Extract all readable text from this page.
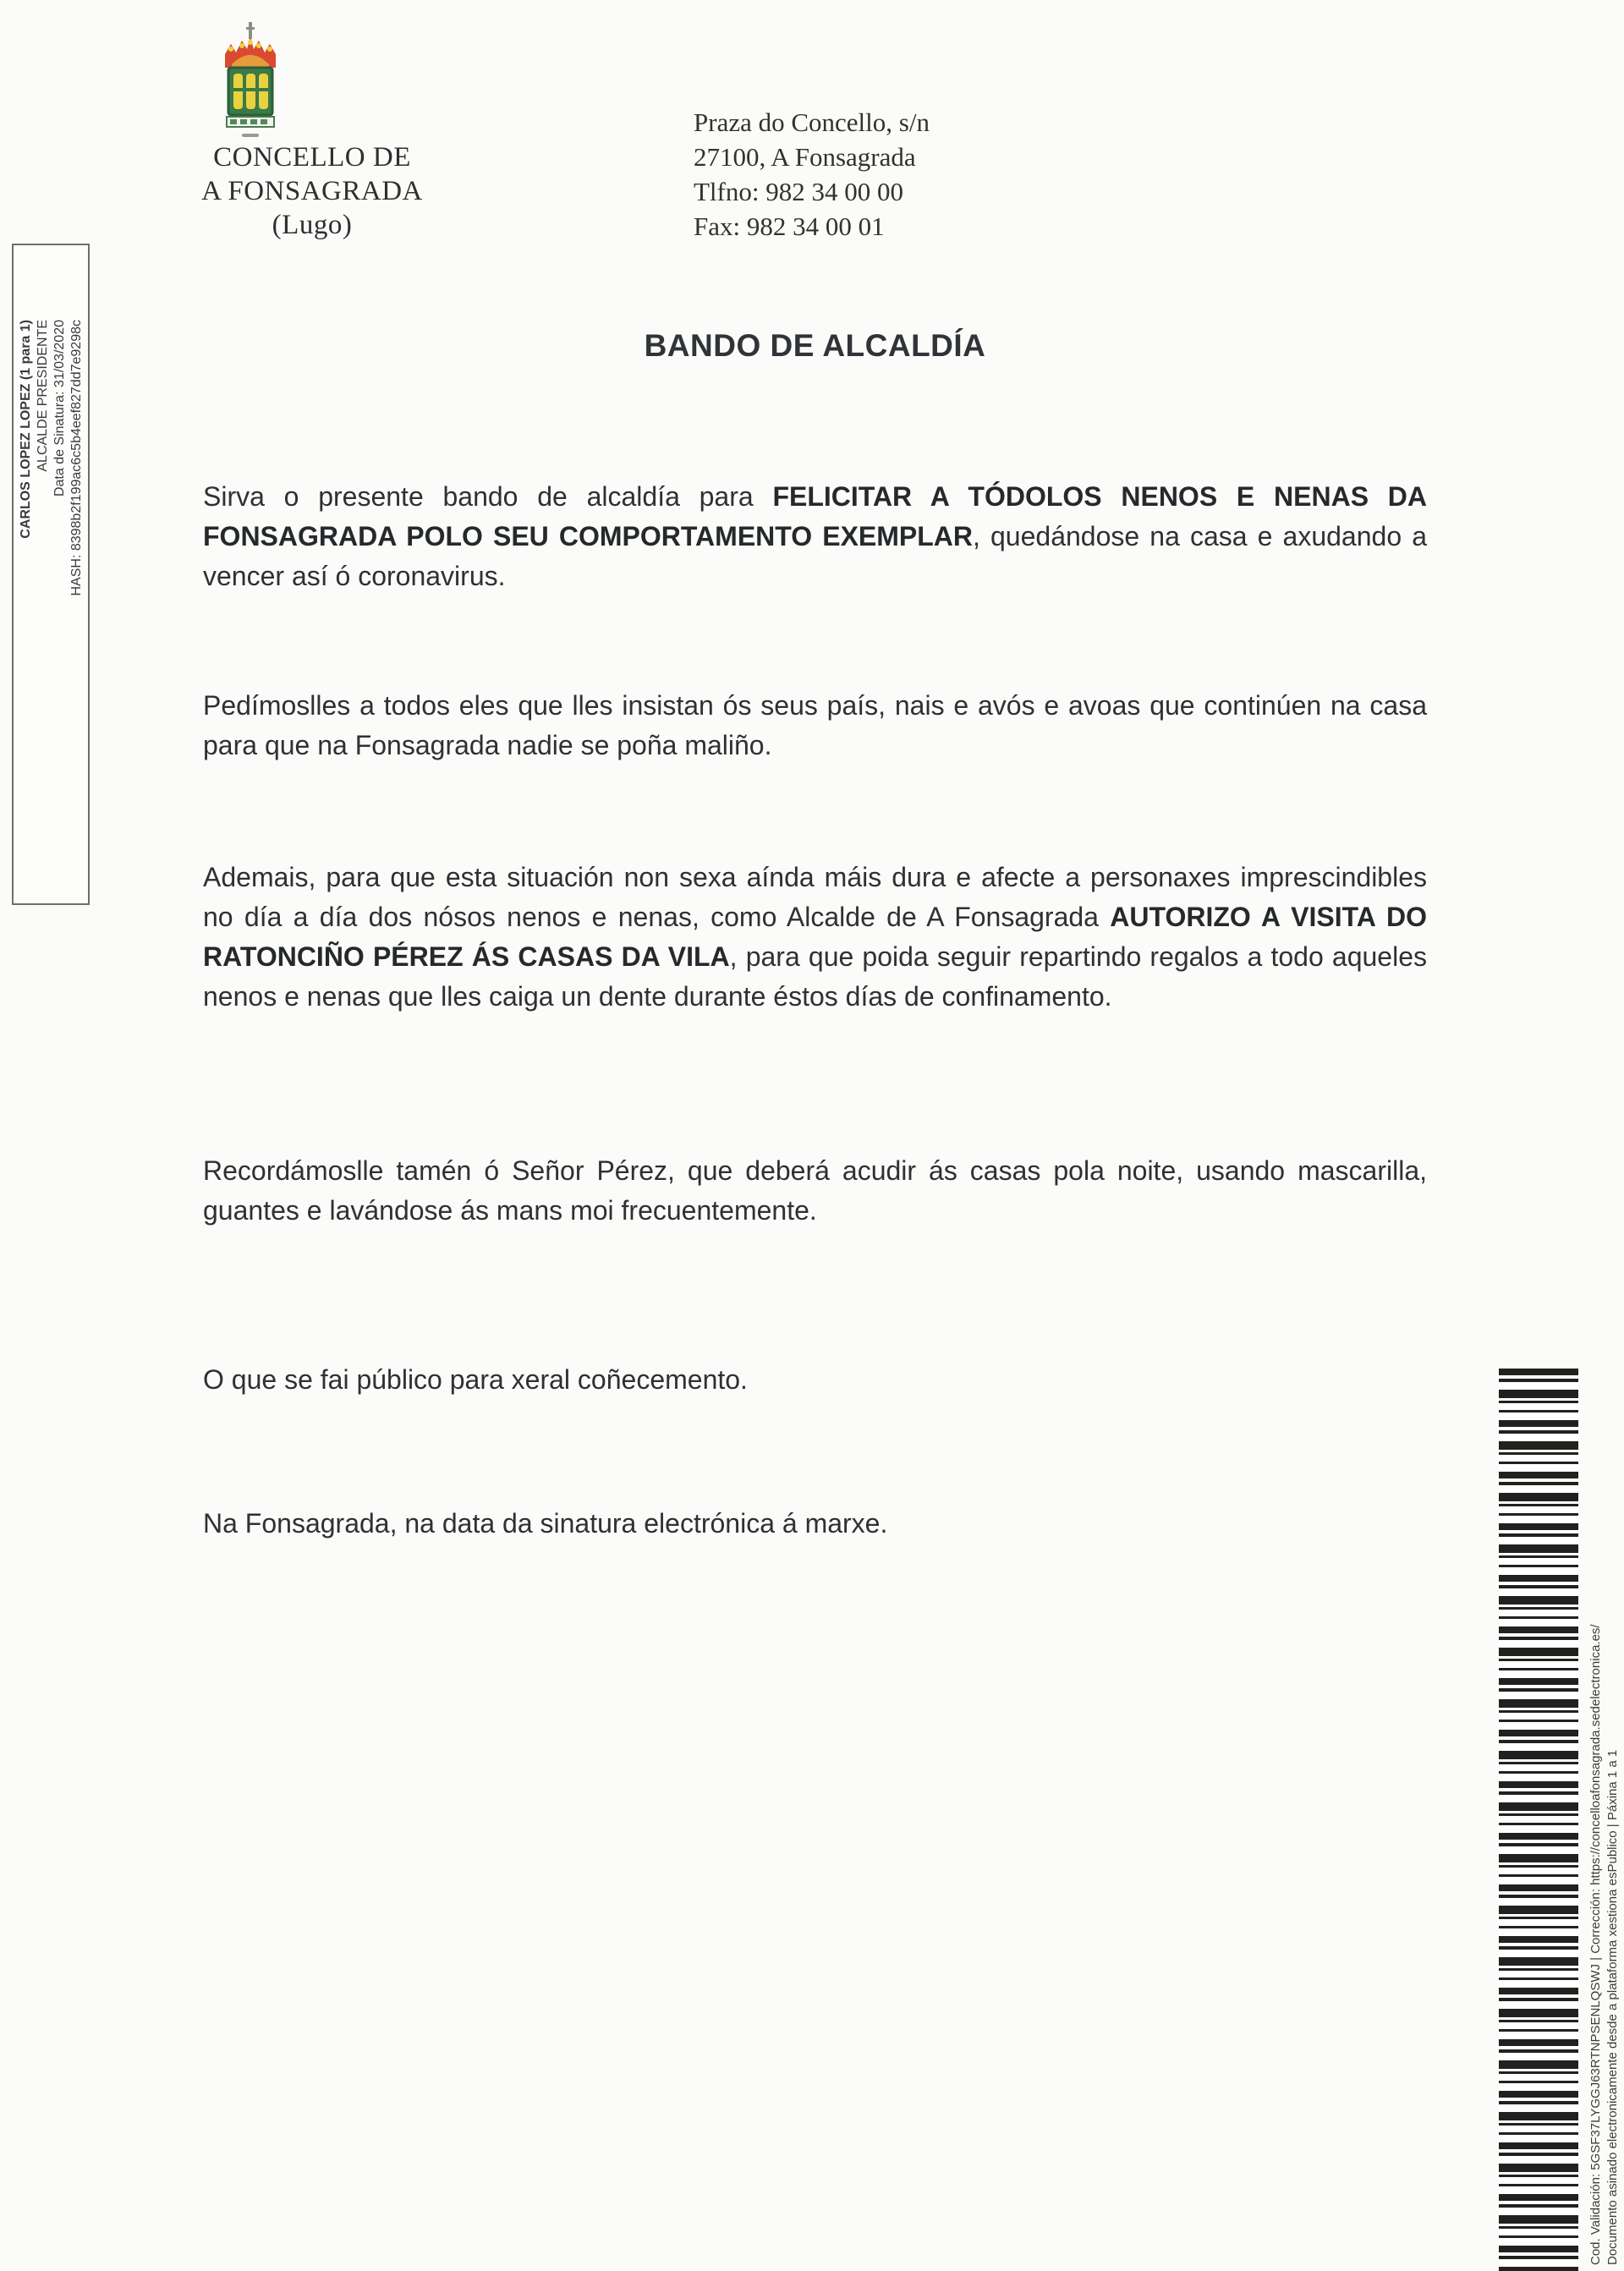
CONCELLO DE
A FONSAGRADA
(Lugo)
Praza do Concello, s/n
27100, A Fonsagrada
Tlfno: 982 34 00 00
Fax: 982 34 00 01
BANDO DE ALCALDÍA

Sirva o presente bando de alcaldía para FELICITAR A TÓDOLOS NENOS E NENAS DA FONSAGRADA POLO SEU COMPORTAMENTO EXEMPLAR, quedándose na casa e axudando a vencer así ó coronavirus.

Pedímoslles a todos eles que lles insistan ós seus país, nais e avós e avoas que continúen na casa para que na Fonsagrada nadie se poña maliño.

Ademais, para que esta situación non sexa aínda máis dura e afecte a personaxes imprescindibles no día a día dos nósos nenos e nenas, como Alcalde de A Fonsagrada AUTORIZO A VISITA DO RATONCIÑO PÉREZ ÁS CASAS DA VILA, para que poida seguir repartindo regalos a todo aqueles nenos e nenas que lles caiga un dente durante éstos días de confinamento.

Recordámoslle tamén ó Señor Pérez, que deberá acudir ás casas pola noite, usando mascarilla, guantes e lavándose ás mans moi frecuentemente.

O que se fai público para xeral coñecemento.

Na Fonsagrada, na data da sinatura electrónica á marxe.

CARLOS LOPEZ LOPEZ (1 para 1) ALCALDE PRESIDENTE Data de Sinatura: 31/03/2020 HASH: 8398b2f199ac6c5b4eef827dd7e9298c
Cod. Validación: 5GSF37LYGGJ63RTNPSENLQSWJ | Corrección: https://concelloafonsagrada.sedelectronica.es/ Documento asinado electronicamente desde a plataforma xestiona esPublico | Páxina 1 a 1
